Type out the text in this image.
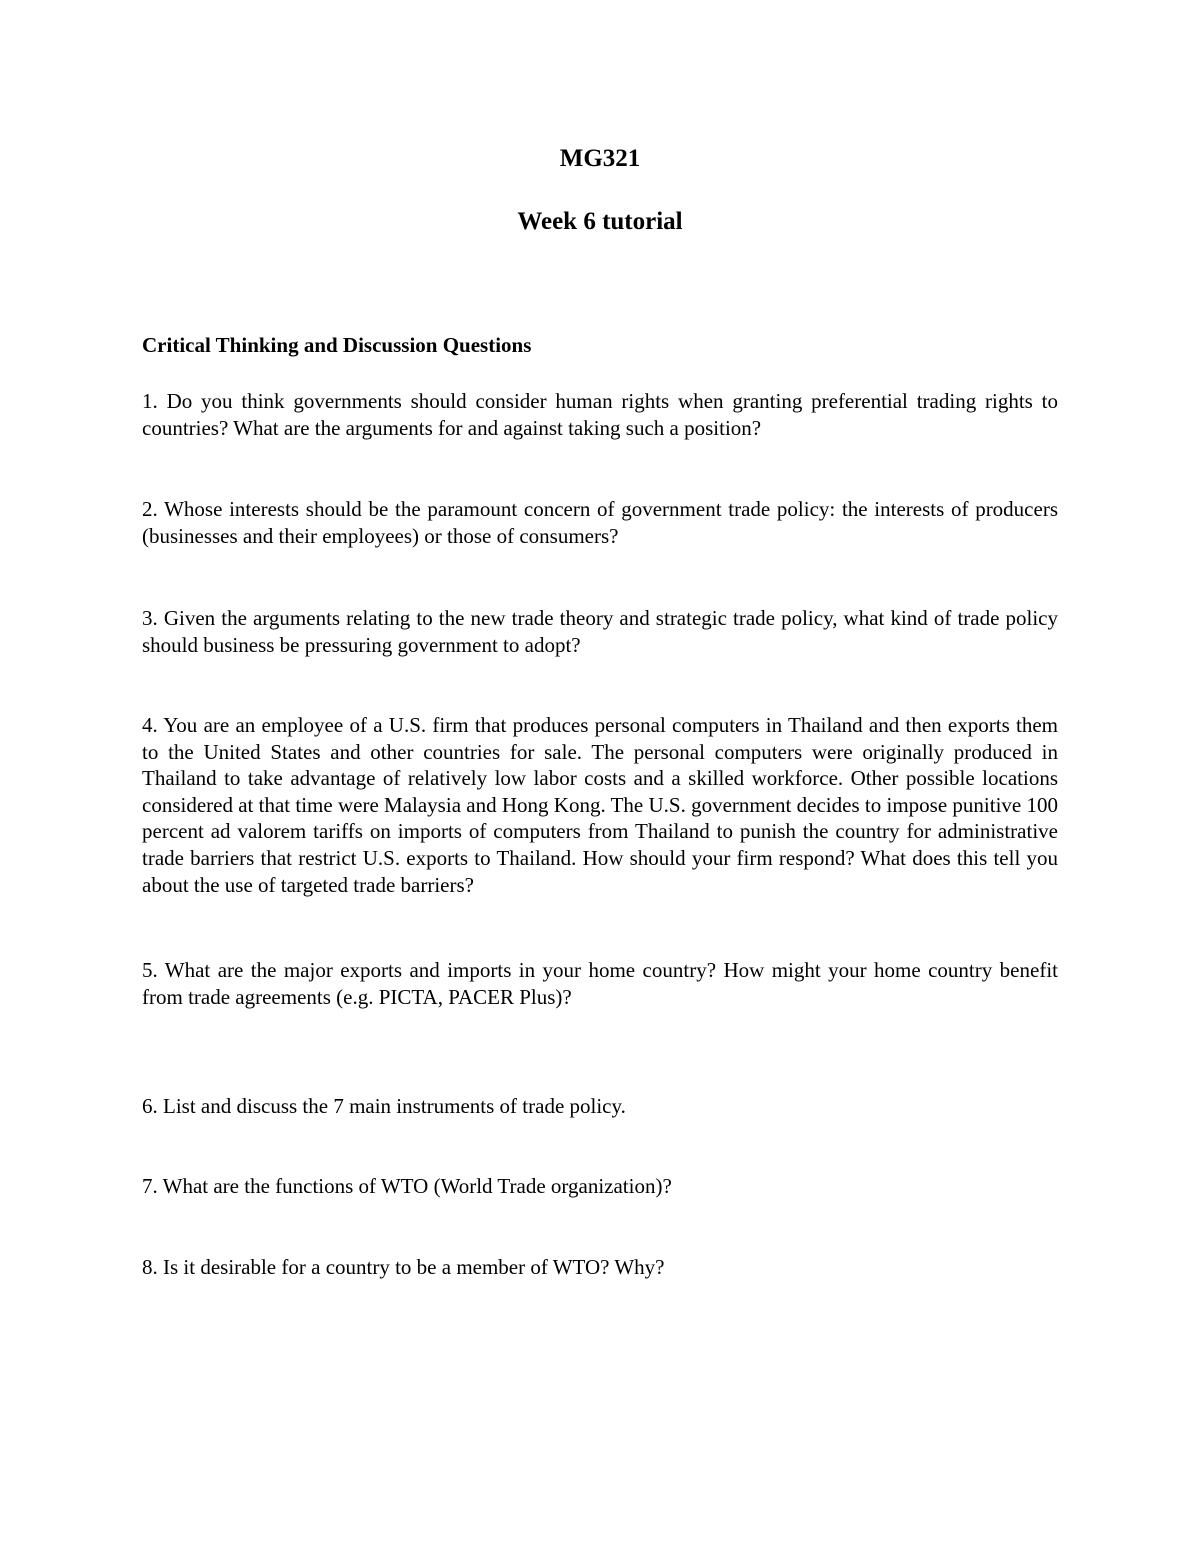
MG321
Week 6 tutorial
Critical Thinking and Discussion Questions

1. Do you think governments should consider human rights when granting preferential trading rights to countries? What are the arguments for and against taking such a position?

2. Whose interests should be the paramount concern of government trade policy: the interests of producers (businesses and their employees) or those of consumers?

3. Given the arguments relating to the new trade theory and strategic trade policy, what kind of trade policy should business be pressuring government to adopt?

4. You are an employee of a U.S. firm that produces personal computers in Thailand and then exports them to the United States and other countries for sale. The personal computers were originally produced in Thailand to take advantage of relatively low labor costs and a skilled workforce. Other possible locations considered at that time were Malaysia and Hong Kong. The U.S. government decides to impose punitive 100 percent ad valorem tariffs on imports of computers from Thailand to punish the country for administrative trade barriers that restrict U.S. exports to Thailand. How should your firm respond? What does this tell you about the use of targeted trade barriers?

5. What are the major exports and imports in your home country? How might your home country benefit from trade agreements (e.g. PICTA, PACER Plus)?

6. List and discuss the 7 main instruments of trade policy.

7. What are the functions of WTO (World Trade organization)?

8. Is it desirable for a country to be a member of WTO? Why?
